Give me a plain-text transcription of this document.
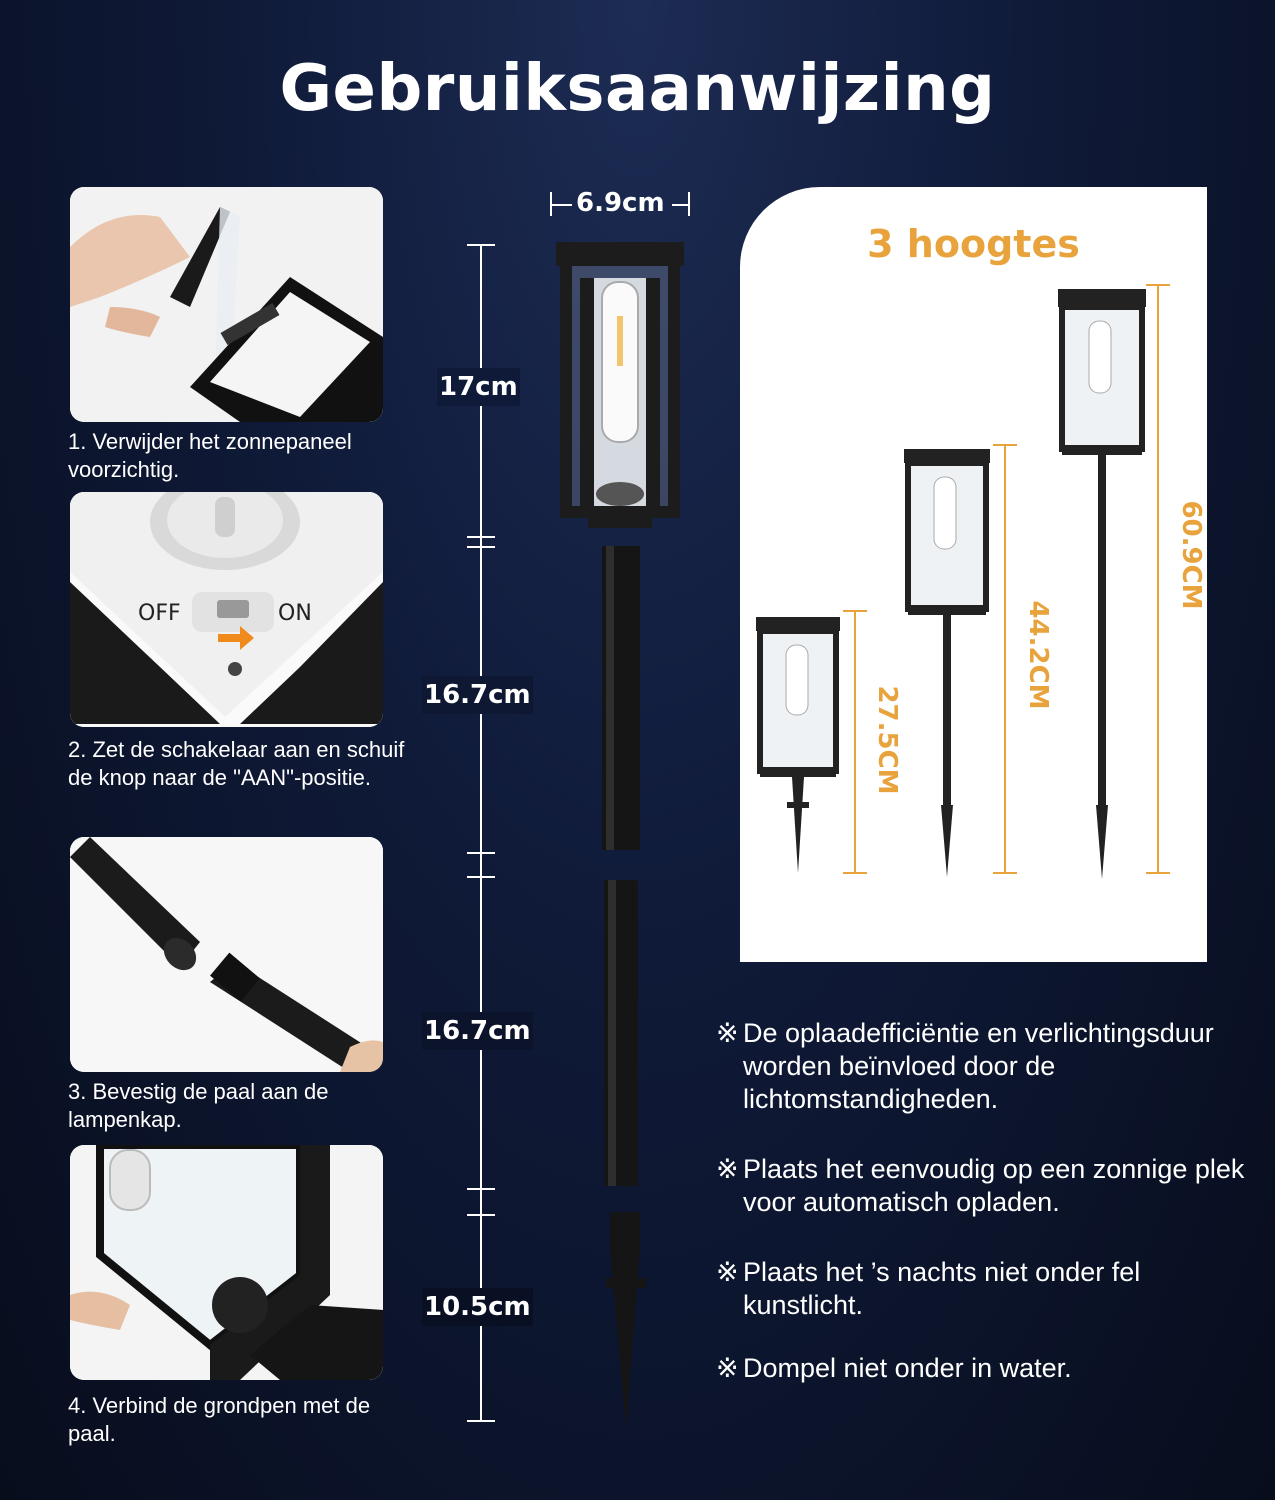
Gebruiksaanwijzing
1. Verwijder het zonnepaneel voorzichtig.
OFF	ON
2. Zet de schakelaar aan en schuif de knop naar de "AAN"-positie.
3. Bevestig de paal aan de lampenkap.
4. Verbind de grondpen met de paal.
6.9cm
17cm
16.7cm
16.7cm
10.5cm
3 hoogtes
27.5CM
44.2CM
60.9CM
※ De oplaadefficiëntie en verlichtingsduur worden beïnvloed door de lichtomstandigheden.
※ Plaats het eenvoudig op een zonnige plek voor automatisch opladen.
※ Plaats het ’s nachts niet onder fel kunstlicht.
※ Dompel niet onder in water.
